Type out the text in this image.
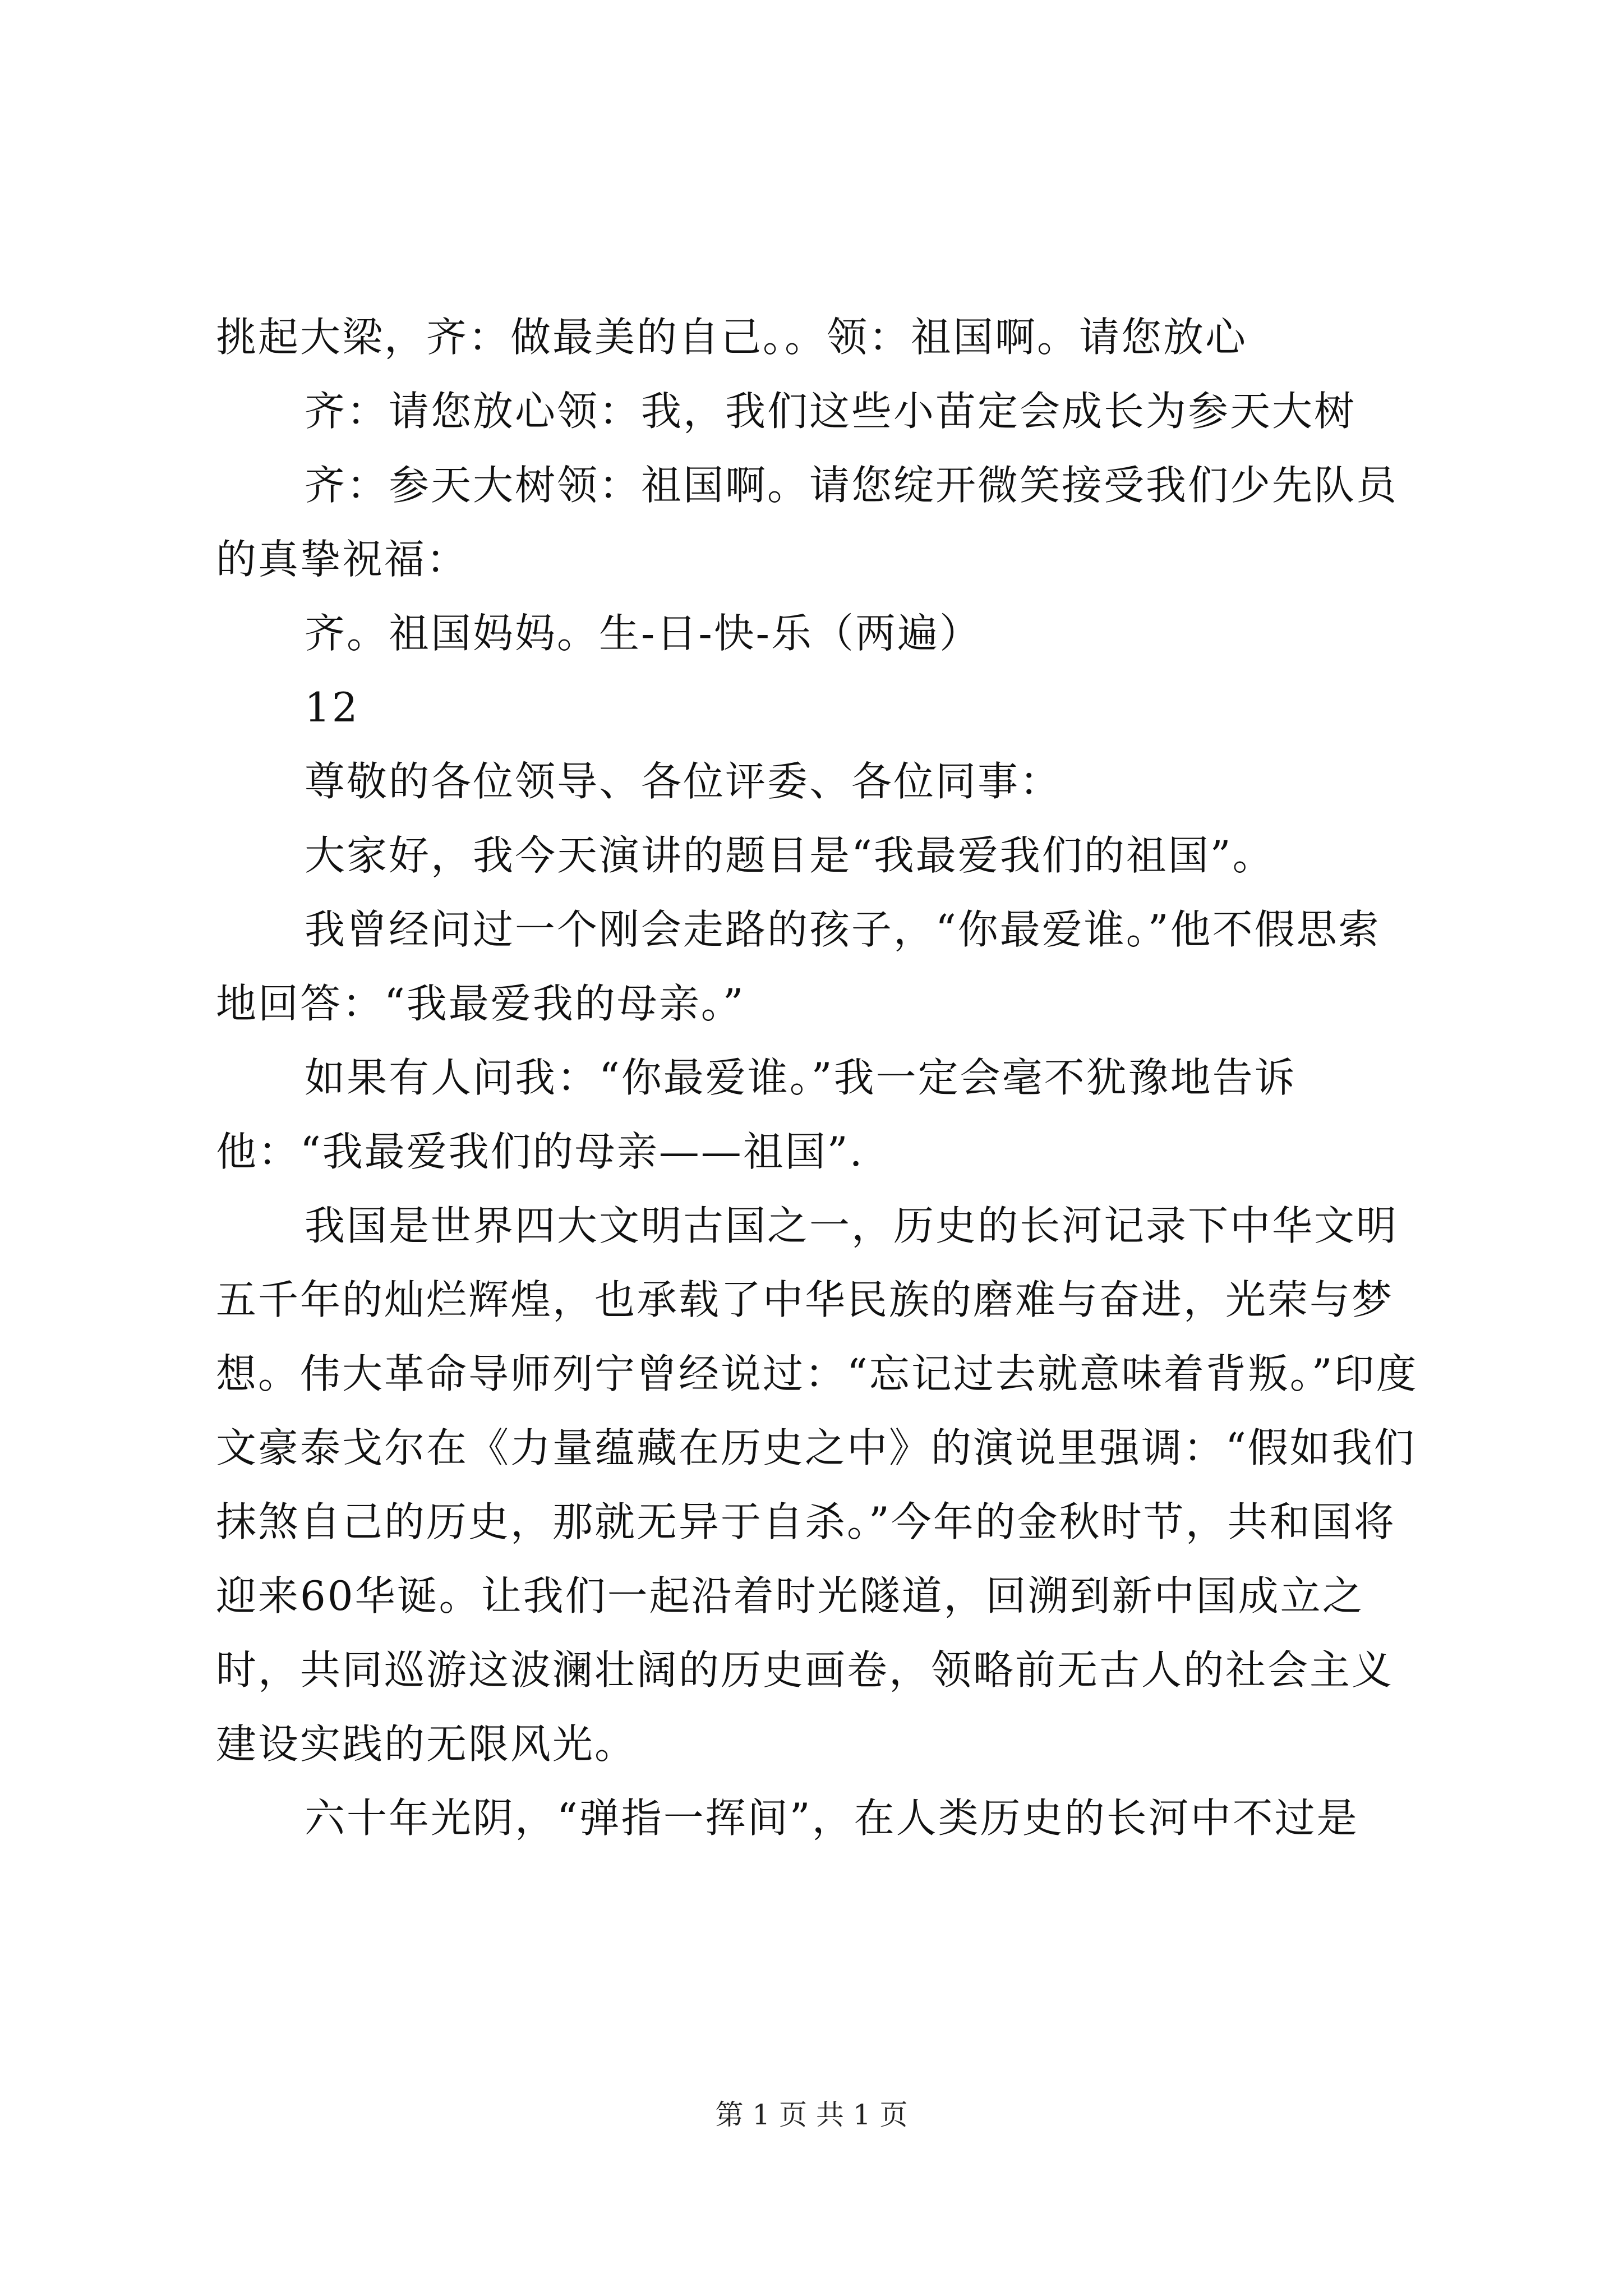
挑起大梁，齐：做最美的自己。。领：祖国啊。请您放心

齐：请您放心领：我，我们这些小苗定会成长为参天大树

齐：参天大树领：祖国啊。请您绽开微笑接受我们少先队员的真挚祝福：

齐。祖国妈妈。生-日-快-乐（两遍）

12

尊敬的各位领导、各位评委、各位同事：

大家好，我今天演讲的题目是“我最爱我们的祖国”。

我曾经问过一个刚会走路的孩子，“你最爱谁。”他不假思索地回答：“我最爱我的母亲。”

如果有人问我：“你最爱谁。”我一定会毫不犹豫地告诉他：“我最爱我们的母亲——祖国”.

我国是世界四大文明古国之一，历史的长河记录下中华文明五千年的灿烂辉煌，也承载了中华民族的磨难与奋进，光荣与梦想。伟大革命导师列宁曾经说过：“忘记过去就意味着背叛。”印度文豪泰戈尔在《力量蕴藏在历史之中》的演说里强调：“假如我们抹煞自己的历史，那就无异于自杀。”今年的金秋时节，共和国将迎来60华诞。让我们一起沿着时光隧道，回溯到新中国成立之时，共同巡游这波澜壮阔的历史画卷，领略前无古人的社会主义建设实践的无限风光。

六十年光阴，“弹指一挥间”，在人类历史的长河中不过是

第 1 页 共 1 页
